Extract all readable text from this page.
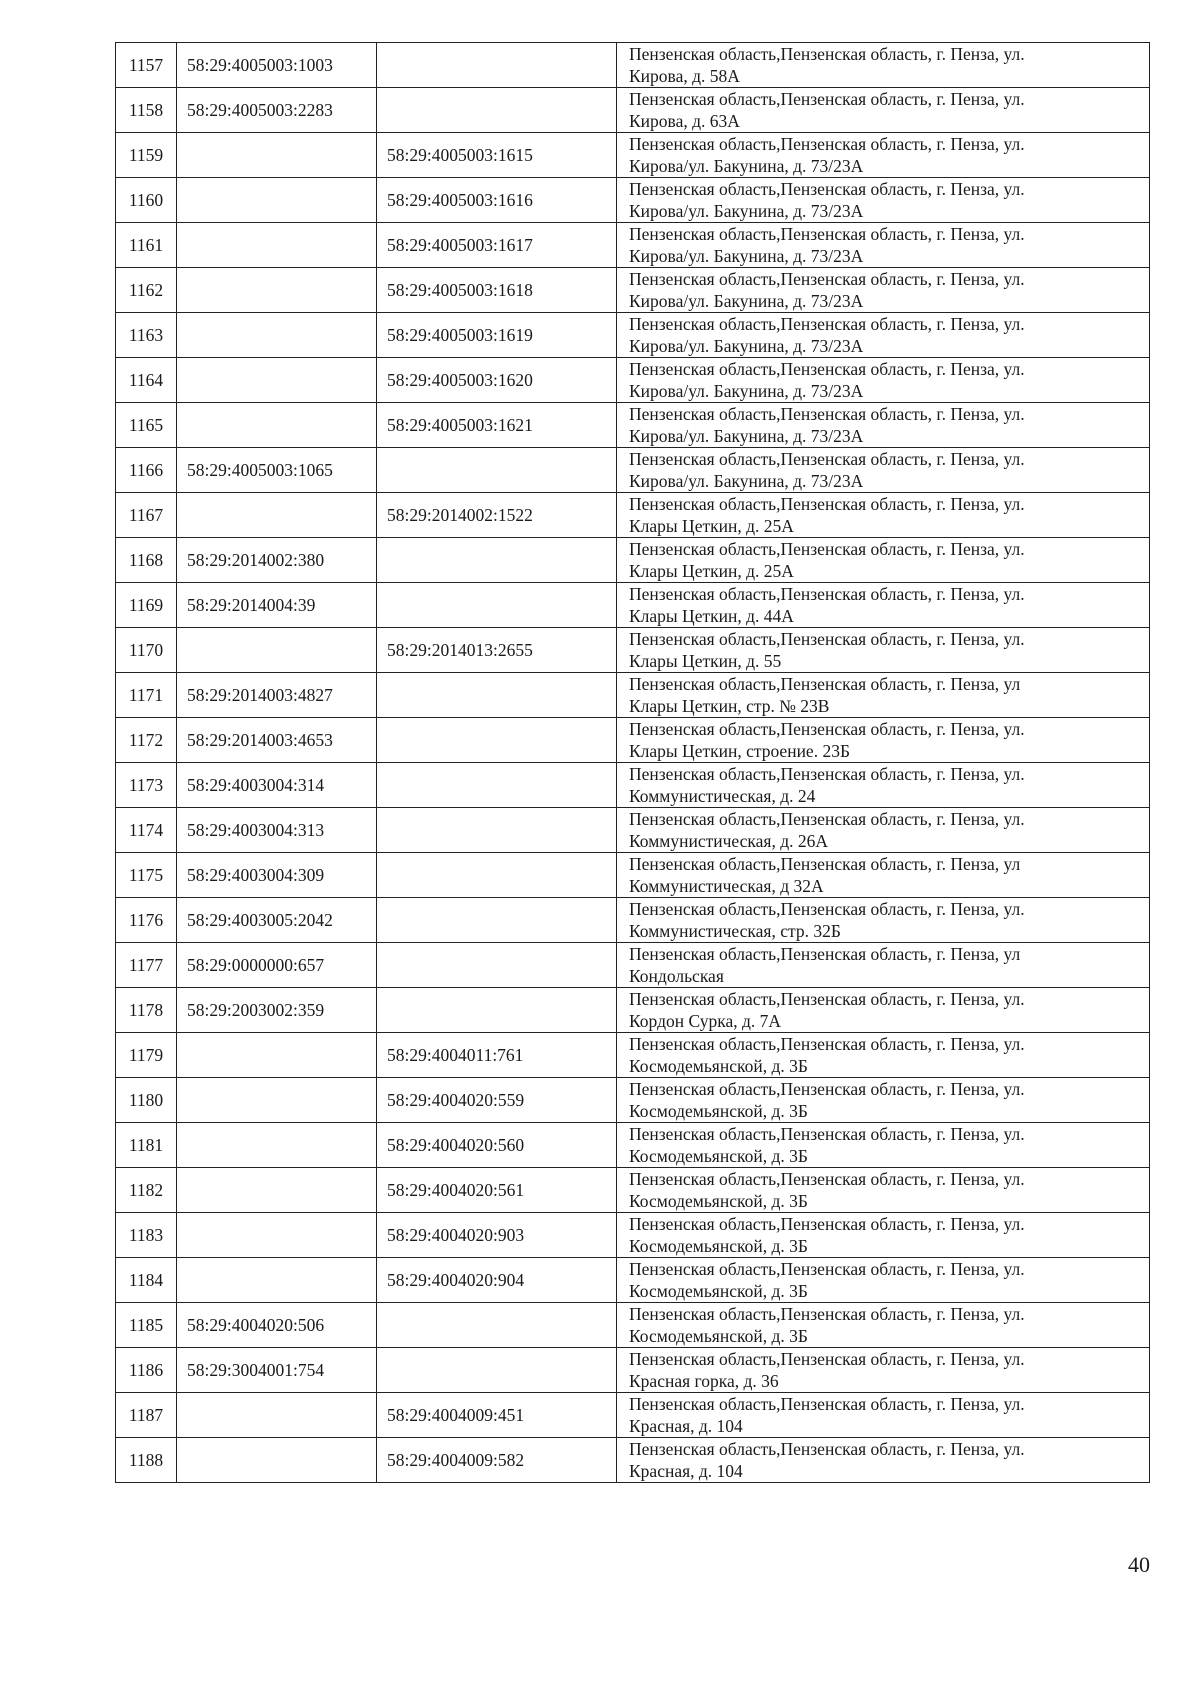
1157	58:29:4005003:1003		Пензенская область,Пензенская область, г. Пенза, ул.
Кирова, д. 58А
1158	58:29:4005003:2283		Пензенская область,Пензенская область, г. Пенза, ул.
Кирова, д. 63А
1159		58:29:4005003:1615	Пензенская область,Пензенская область, г. Пенза, ул.
Кирова/ул. Бакунина, д. 73/23А
1160		58:29:4005003:1616	Пензенская область,Пензенская область, г. Пенза, ул.
Кирова/ул. Бакунина, д. 73/23А
1161		58:29:4005003:1617	Пензенская область,Пензенская область, г. Пенза, ул.
Кирова/ул. Бакунина, д. 73/23А
1162		58:29:4005003:1618	Пензенская область,Пензенская область, г. Пенза, ул.
Кирова/ул. Бакунина, д. 73/23А
1163		58:29:4005003:1619	Пензенская область,Пензенская область, г. Пенза, ул.
Кирова/ул. Бакунина, д. 73/23А
1164		58:29:4005003:1620	Пензенская область,Пензенская область, г. Пенза, ул.
Кирова/ул. Бакунина, д. 73/23А
1165		58:29:4005003:1621	Пензенская область,Пензенская область, г. Пенза, ул.
Кирова/ул. Бакунина, д. 73/23А
1166	58:29:4005003:1065		Пензенская область,Пензенская область, г. Пенза, ул.
Кирова/ул. Бакунина, д. 73/23А
1167		58:29:2014002:1522	Пензенская область,Пензенская область, г. Пенза, ул.
Клары Цеткин, д. 25А
1168	58:29:2014002:380		Пензенская область,Пензенская область, г. Пенза, ул.
Клары Цеткин, д. 25А
1169	58:29:2014004:39		Пензенская область,Пензенская область, г. Пенза, ул.
Клары Цеткин, д. 44А
1170		58:29:2014013:2655	Пензенская область,Пензенская область, г. Пенза, ул.
Клары Цеткин, д. 55
1171	58:29:2014003:4827		Пензенская область,Пензенская область, г. Пенза, ул
Клары Цеткин, стр. № 23В
1172	58:29:2014003:4653		Пензенская область,Пензенская область, г. Пенза, ул.
Клары Цеткин, строение. 23Б
1173	58:29:4003004:314		Пензенская область,Пензенская область, г. Пенза, ул.
Коммунистическая, д. 24
1174	58:29:4003004:313		Пензенская область,Пензенская область, г. Пенза, ул.
Коммунистическая, д. 26А
1175	58:29:4003004:309		Пензенская область,Пензенская область, г. Пенза, ул
Коммунистическая, д 32А
1176	58:29:4003005:2042		Пензенская область,Пензенская область, г. Пенза, ул.
Коммунистическая, стр. 32Б
1177	58:29:0000000:657		Пензенская область,Пензенская область, г. Пенза, ул
Кондольская
1178	58:29:2003002:359		Пензенская область,Пензенская область, г. Пенза, ул.
Кордон Сурка, д. 7А
1179		58:29:4004011:761	Пензенская область,Пензенская область, г. Пенза, ул.
Космодемьянской, д. 3Б
1180		58:29:4004020:559	Пензенская область,Пензенская область, г. Пенза, ул.
Космодемьянской, д. 3Б
1181		58:29:4004020:560	Пензенская область,Пензенская область, г. Пенза, ул.
Космодемьянской, д. 3Б
1182		58:29:4004020:561	Пензенская область,Пензенская область, г. Пенза, ул.
Космодемьянской, д. 3Б
1183		58:29:4004020:903	Пензенская область,Пензенская область, г. Пенза, ул.
Космодемьянской, д. 3Б
1184		58:29:4004020:904	Пензенская область,Пензенская область, г. Пенза, ул.
Космодемьянской, д. 3Б
1185	58:29:4004020:506		Пензенская область,Пензенская область, г. Пенза, ул.
Космодемьянской, д. 3Б
1186	58:29:3004001:754		Пензенская область,Пензенская область, г. Пенза, ул.
Красная горка, д. 36
1187		58:29:4004009:451	Пензенская область,Пензенская область, г. Пенза, ул.
Красная, д. 104
1188		58:29:4004009:582	Пензенская область,Пензенская область, г. Пенза, ул.
Красная, д. 104
40
